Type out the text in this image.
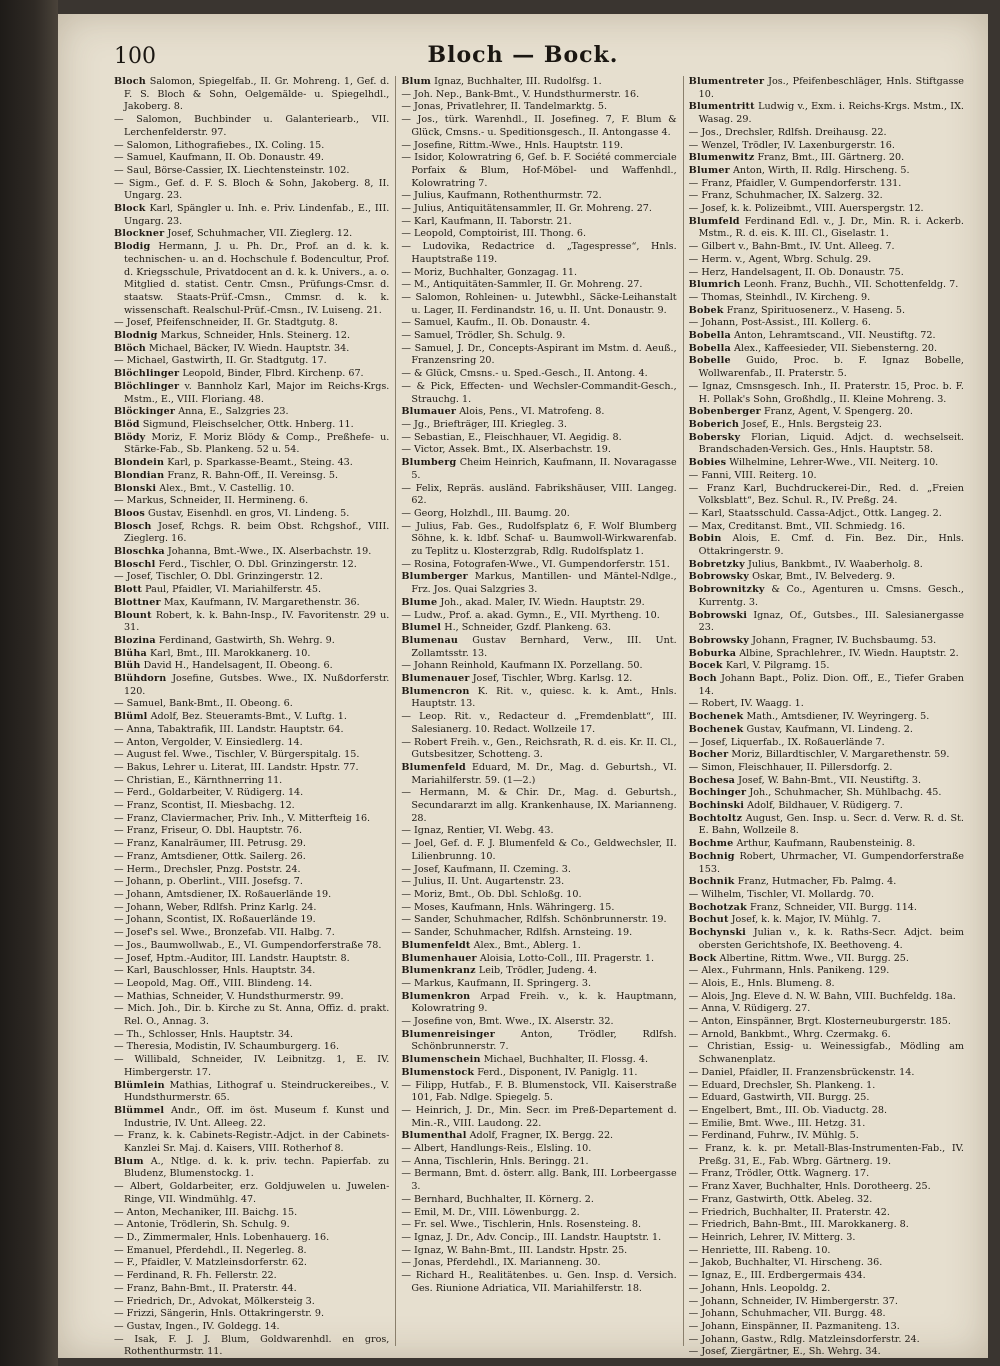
100	Bloch — Bock.

Bloch Salomon, Spiegelfab., II. Gr. Mohreng. 1, Gef. d. F. S. Bloch & Sohn, Oelgemälde- u. Spiegelhdl., Jakoberg. 8.

— Salomon, Buchbinder u. Galanteriearb., VII. Lerchenfelderstr. 97.

— Salomon, Lithografiebes., IX. Coling. 15.

— Samuel, Kaufmann, II. Ob. Donaustr. 49.

— Saul, Börse-Cassier, IX. Liechtensteinstr. 102.

— Sigm., Gef. d. F. S. Bloch & Sohn, Jakoberg. 8, II. Ungarg. 23.

Block Karl, Spängler u. Inh. e. Priv. Lindenfab., E., III. Ungarg. 23.

Blockner Josef, Schuhmacher, VII. Zieglerg. 12.

Blodig Hermann, J. u. Ph. Dr., Prof. an d. k. k. technischen- u. an d. Hochschule f. Bodencultur, Prof. d. Kriegsschule, Privatdocent an d. k. k. Univers., a. o. Mitglied d. statist. Centr. Cmsn., Prüfungs-Cmsr. d. staatsw. Staats-Prüf.-Cmsn., Cmmsr. d. k. k. wissenschaft. Realschul-Prüf.-Cmsn., IV. Luiseng. 21.

— Josef, Pfeifenschneider, II. Gr. Stadtgutg. 8.

Blodnig Markus, Schneider, Hnls. Steinerg. 12.

Blöch Michael, Bäcker, IV. Wiedn. Hauptstr. 34.

— Michael, Gastwirth, II. Gr. Stadtgutg. 17.

Blöchlinger Leopold, Binder, Flbrd. Kirchenp. 67.

Blöchlinger v. Bannholz Karl, Major im Reichs-Krgs. Mstm., E., VIII. Floriang. 48.

Blöckinger Anna, E., Salzgries 23.

Blöd Sigmund, Fleischselcher, Ottk. Hnberg. 11.

Blödy Moriz, F. Moriz Blödy & Comp., Preßhefe- u. Stärke-Fab., Sb. Plankeng. 52 u. 54.

Blondein Karl, p. Sparkasse-Beamt., Steing. 43.

Blondian Franz, R. Bahn-Off., II. Vereinsg. 5.

Blonski Alex., Bmt., V. Castellig. 10.

— Markus, Schneider, II. Hermineng. 6.

Bloos Gustav, Eisenhdl. en gros, VI. Lindeng. 5.

Blosch Josef, Rchgs. R. beim Obst. Rchgshof., VIII. Zieglerg. 16.

Bloschka Johanna, Bmt.-Wwe., IX. Alserbachstr. 19.

Bloschl Ferd., Tischler, O. Dbl. Grinzingerstr. 12.

— Josef, Tischler, O. Dbl. Grinzingerstr. 12.

Blott Paul, Pfaidler, VI. Mariahilferstr. 45.

Blottner Max, Kaufmann, IV. Margarethenstr. 36.

Blount Robert, k. k. Bahn-Insp., IV. Favoritenstr. 29 u. 31.

Blozina Ferdinand, Gastwirth, Sh. Wehrg. 9.

Blüha Karl, Bmt., III. Marokkanerg. 10.

Blüh David H., Handelsagent, II. Obeong. 6.

Blühdorn Josefine, Gutsbes. Wwe., IX. Nußdorferstr. 120.

— Samuel, Bank-Bmt., II. Obeong. 6.

Blüml Adolf, Bez. Steueramts-Bmt., V. Luftg. 1.

— Anna, Tabaktrafik, III. Landstr. Hauptstr. 64.

— Anton, Vergolder, V. Einsiedlerg. 14.

— August fel. Wwe., Tischler, V. Bürgerspitalg. 15.

— Bakus, Lehrer u. Literat, III. Landstr. Hpstr. 77.

— Christian, E., Kärnthnerring 11.

— Ferd., Goldarbeiter, V. Rüdigerg. 14.

— Franz, Scontist, II. Miesbachg. 12.

— Franz, Claviermacher, Priv. Inh., V. Mitterfteig 16.

— Franz, Friseur, O. Dbl. Hauptstr. 76.

— Franz, Kanalräumer, III. Petrusg. 29.

— Franz, Amtsdiener, Ottk. Sailerg. 26.

— Herm., Drechsler, Pnzg. Poststr. 24.

— Johann, p. Oberlint., VIII. Josefsg. 7.

— Johann, Amtsdiener, IX. Roßauerlände 19.

— Johann, Weber, Rdlfsh. Prinz Karlg. 24.

— Johann, Scontist, IX. Roßauerlände 19.

— Josef's sel. Wwe., Bronzefab. VII. Halbg. 7.

— Jos., Baumwollwab., E., VI. Gumpendorferstraße 78.

— Josef, Hptm.-Auditor, III. Landstr. Hauptstr. 8.

— Karl, Bauschlosser, Hnls. Hauptstr. 34.

— Leopold, Mag. Off., VIII. Blindeng. 14.

— Mathias, Schneider, V. Hundsthurmerstr. 99.

— Mich. Joh., Dir. b. Kirche zu St. Anna, Offiz. d. prakt. Rel. O., Annag. 3.

— Th., Schlosser, Hnls. Hauptstr. 34.

— Theresia, Modistin, IV. Schaumburgerg. 16.

— Willibald, Schneider, IV. Leibnitzg. 1, E. IV. Himbergerstr. 17.

Blümlein Mathias, Lithograf u. Steindruckereibes., V. Hundsthurmerstr. 65.

Blümmel Andr., Off. im öst. Museum f. Kunst und Industrie, IV. Unt. Alleeg. 22.

— Franz, k. k. Cabinets-Registr.-Adjct. in der Cabinets-Kanzlei Sr. Maj. d. Kaisers, VIII. Rotherhof 8.

Blum A., Ntlge. d. k. k. priv. techn. Papierfab. zu Bludenz, Blumenstockg. 1.

— Albert, Goldarbeiter, erz. Goldjuwelen u. Juwelen-Ringe, VII. Windmühlg. 47.

— Anton, Mechaniker, III. Baichg. 15.

— Antonie, Trödlerin, Sh. Schulg. 9.

— D., Zimmermaler, Hnls. Lobenhauerg. 16.

— Emanuel, Pferdehdl., II. Negerleg. 8.

— F., Pfaidler, V. Matzleinsdorferstr. 62.

— Ferdinand, R. Fh. Fellerstr. 22.

— Franz, Bahn-Bmt., II. Praterstr. 44.

— Friedrich, Dr., Advokat, Mölkersteig 3.

— Frizzi, Sängerin, Hnls. Ottakringerstr. 9.

— Gustav, Ingen., IV. Goldegg. 14.

— Isak, F. J. J. Blum, Goldwarenhdl. en gros, Rothenthurmstr. 11.

Blum Ignaz, Buchhalter, III. Rudolfsg. 1.

— Joh. Nep., Bank-Bmt., V. Hundsthurmerstr. 16.

— Jonas, Privatlehrer, II. Tandelmarktg. 5.

— Jos., türk. Warenhdl., II. Josefineg. 7, F. Blum & Glück, Cmsns.- u. Speditionsgesch., II. Antongasse 4.

— Josefine, Rittm.-Wwe., Hnls. Hauptstr. 119.

— Isidor, Kolowratring 6, Gef. b. F. Société commerciale Porfaix & Blum, Hof-Möbel- und Waffenhdl., Kolowratring 7.

— Julius, Kaufmann, Rothenthurmstr. 72.

— Julius, Antiquitätensammler, II. Gr. Mohreng. 27.

— Karl, Kaufmann, II. Taborstr. 21.

— Leopold, Comptoirist, III. Thong. 6.

— Ludovika, Redactrice d. „Tagespresse“, Hnls. Hauptstraße 119.

— Moriz, Buchhalter, Gonzagag. 11.

— M., Antiquitäten-Sammler, II. Gr. Mohreng. 27.

— Salomon, Rohleinen- u. Jutewbhl., Säcke-Leihanstalt u. Lager, II. Ferdinandstr. 16, u. II. Unt. Donaustr. 9.

— Samuel, Kaufm., II. Ob. Donaustr. 4.

— Samuel, Trödler, Sh. Schulg. 9.

— Samuel, J. Dr., Concepts-Aspirant im Mstm. d. Aeuß., Franzensring 20.

— & Glück, Cmsns.- u. Sped.-Gesch., II. Antong. 4.

— & Pick, Effecten- und Wechsler-Commandit-Gesch., Strauchg. 1.

Blumauer Alois, Pens., VI. Matrofeng. 8.

— Jg., Briefträger, III. Kriegleg. 3.

— Sebastian, E., Fleischhauer, VI. Aegidig. 8.

— Victor, Assek. Bmt., IX. Alserbachstr. 19.

Blumberg Cheim Heinrich, Kaufmann, II. Novaragasse 5.

— Felix, Repräs. ausländ. Fabrikshäuser, VIII. Langeg. 62.

— Georg, Holzhdl., III. Baumg. 20.

— Julius, Fab. Ges., Rudolfsplatz 6, F. Wolf Blumberg Söhne, k. k. ldbf. Schaf- u. Baumwoll-Wirkwarenfab. zu Teplitz u. Klosterzgrab, Rdlg. Rudolfsplatz 1.

— Rosina, Fotografen-Wwe., VI. Gumpendorferstr. 151.

Blumberger Markus, Mantillen- und Mäntel-Ndlge., Frz. Jos. Quai Salzgries 3.

Blume Joh., akad. Maler, IV. Wiedn. Hauptstr. 29.

— Ludw., Prof. a. akad. Gymn., E., VII. Myrtheng. 10.

Blumel H., Schneider, Gzdf. Plankeng. 63.

Blumenau Gustav Bernhard, Verw., III. Unt. Zollamtsstr. 13.

— Johann Reinhold, Kaufmann IX. Porzellang. 50.

Blumenauer Josef, Tischler, Wbrg. Karlsg. 12.

Blumencron K. Rit. v., quiesc. k. k. Amt., Hnls. Hauptstr. 13.

— Leop. Rit. v., Redacteur d. „Fremdenblatt“, III. Salesianerg. 10. Redact. Wollzeile 17.

— Robert Freih. v., Gen., Reichsrath, R. d. eis. Kr. II. Cl., Gutsbesitzer, Schotteng. 3.

Blumenfeld Eduard, M. Dr., Mag. d. Geburtsh., VI. Mariahilferstr. 59. (1—2.)

— Hermann, M. & Chir. Dr., Mag. d. Geburtsh., Secundararzt im allg. Krankenhause, IX. Marianneng. 28.

— Ignaz, Rentier, VI. Webg. 43.

— Joel, Gef. d. F. J. Blumenfeld & Co., Geldwechsler, II. Lilienbrunng. 10.

— Josef, Kaufmann, II. Czeming. 3.

— Julius, II. Unt. Augartenstr. 23.

— Moriz, Bmt., Ob. Dbl. Schloßg. 10.

— Moses, Kaufmann, Hnls. Währingerg. 15.

— Sander, Schuhmacher, Rdlfsh. Schönbrunnerstr. 19.

— Sander, Schuhmacher, Rdlfsh. Arnsteing. 19.

Blumenfeldt Alex., Bmt., Ablerg. 1.

Blumenhauer Aloisia, Lotto-Coll., III. Pragerstr. 1.

Blumenkranz Leib, Trödler, Judeng. 4.

— Markus, Kaufmann, II. Springerg. 3.

Blumenkron Arpad Freih. v., k. k. Hauptmann, Kolowratring 9.

— Josefine von, Bmt. Wwe., IX. Alserstr. 32.

Blumenreisinger	Anton, Trödler, Rdlfsh. Schönbrunnerstr. 7.

Blumenschein Michael, Buchhalter, II. Flossg. 4.

Blumenstock Ferd., Disponent, IV. Paniglg. 11.

— Filipp, Hutfab., F. B. Blumenstock, VII. Kaiserstraße 101, Fab. Ndlge. Spiegelg. 5.

— Heinrich, J. Dr., Min. Secr. im Preß-Departement d. Min.-R., VIII. Laudong. 22.

Blumenthal Adolf, Fragner, IX. Bergg. 22.

— Albert, Handlungs-Reis., Elsling. 10.

— Anna, Tischlerin, Hnls. Beringg. 21.

— Bermann, Bmt. d. österr. allg. Bank, III. Lorbeergasse 3.

— Bernhard, Buchhalter, II. Körnerg. 2.

— Emil, M. Dr., VIII. Löwenburgg. 2.

— Fr. sel. Wwe., Tischlerin, Hnls. Rosensteing. 8.

— Ignaz, J. Dr., Adv. Concip., III. Landstr. Hauptstr. 1.

— Ignaz, W. Bahn-Bmt., III. Landstr. Hpstr. 25.

— Jonas, Pferdehdl., IX. Marianneng. 30.

— Richard H., Realitätenbes. u. Gen. Insp. d. Versich. Ges. Riunione Adriatica, VII. Mariahilferstr. 18.

Blumentreter Jos., Pfeifenbeschläger, Hnls. Stiftgasse 10.

Blumentritt Ludwig v., Exm. i. Reichs-Krgs. Mstm., IX. Wasag. 29.

— Jos., Drechsler, Rdlfsh. Dreihausg. 22.

— Wenzel, Trödler, IV. Laxenburgerstr. 16.

Blumenwitz Franz, Bmt., III. Gärtnerg. 20.

Blumer Anton, Wirth, II. Rdlg. Hirscheng. 5.

— Franz, Pfaidler, V. Gumpendorferstr. 131.

— Franz, Schuhmacher, IX. Salzerg. 32.

— Josef, k. k. Polizeibmt., VIII. Auerspergstr. 12.

Blumfeld Ferdinand Edl. v., J. Dr., Min. R. i. Ackerb. Mstm., R. d. eis. K. III. Cl., Giselastr. 1.

— Gilbert v., Bahn-Bmt., IV. Unt. Alleeg. 7.

— Herm. v., Agent, Wbrg. Schulg. 29.

— Herz, Handelsagent, II. Ob. Donaustr. 75.

Blumrich Leonh. Franz, Buchh., VII. Schottenfeldg. 7.

— Thomas, Steinhdl., IV. Kircheng. 9.

Bobek Franz, Spirituosenerz., V. Haseng. 5.

— Johann, Post-Assist., III. Kollerg. 6.

Bobella Anton, Lehramtscand., VII. Neustiftg. 72.

Bobella Alex., Kaffeesieder, VII. Siebensterng. 20.

Bobelle Guido, Proc. b. F. Ignaz Bobelle, Wollwarenfab., II. Praterstr. 5.

— Ignaz, Cmsnsgesch. Inh., II. Praterstr. 15, Proc. b. F. H. Pollak's Sohn, Großhdlg., II. Kleine Mohreng. 3.

Bobenberger Franz, Agent, V. Spengerg. 20.

Boberich Josef, E., Hnls. Bergsteig 23.

Bobersky Florian, Liquid. Adjct. d. wechselseit. Brandschaden-Versich. Ges., Hnls. Hauptstr. 58.

Bobies Wilhelmine, Lehrer-Wwe., VII. Neiterg. 10.

— Fanni, VIII. Reiterg. 10.

— Franz Karl, Buchdruckerei-Dir., Red. d. „Freien Volksblatt“, Bez. Schul. R., IV. Preßg. 24.

— Karl, Staatsschuld. Cassa-Adjct., Ottk. Langeg. 2.

— Max, Creditanst. Bmt., VII. Schmiedg. 16.

Bobin Alois, E. Cmf. d. Fin. Bez. Dir., Hnls. Ottakringerstr. 9.

Bobretzky Julius, Bankbmt., IV. Waaberholg. 8.

Bobrowsky Oskar, Bmt., IV. Belvederg. 9.

Bobrownitzky & Co., Agenturen u. Cmsns. Gesch., Kurrentg. 3.

Bobrowski Ignaz, Of., Gutsbes., III. Salesianergasse 23.

Bobrowsky Johann, Fragner, IV. Buchsbaumg. 53.

Boburka Albine, Sprachlehrer., IV. Wiedn. Hauptstr. 2.

Bocek Karl, V. Pilgramg. 15.

Boch Johann Bapt., Poliz. Dion. Off., E., Tiefer Graben 14.

— Robert, IV. Waagg. 1.

Bochenek Math., Amtsdiener, IV. Weyringerg. 5.

Bochenek Gustav, Kaufmann, VI. Lindeng. 2.

— Josef, Liquerfab., IX. Roßauerlände 7.

Bocher Moriz, Billardtischler, V. Margarethenstr. 59.

— Simon, Fleischhauer, II. Pillersdorfg. 2.

Bochesa Josef, W. Bahn-Bmt., VII. Neustiftg. 3.

Bochinger Joh., Schuhmacher, Sh. Mühlbachg. 45.

Bochinski Adolf, Bildhauer, V. Rüdigerg. 7.

Bochtoltz August, Gen. Insp. u. Secr. d. Verw. R. d. St. E. Bahn, Wollzeile 8.

Bochme Arthur, Kaufmann, Raubensteinig. 8.

Bochnig Robert, Uhrmacher, VI. Gumpendorferstraße 153.

Bochnik Franz, Hutmacher, Fb. Palmg. 4.

— Wilhelm, Tischler, VI. Mollardg. 70.

Bochotzak Franz, Schneider, VII. Burgg. 114.

Bochut Josef, k. k. Major, IV. Mühlg. 7.

Bochynski Julian v., k. k. Raths-Secr. Adjct. beim obersten Gerichtshofe, IX. Beethoveng. 4.

Bock Albertine, Rittm. Wwe., VII. Burgg. 25.

— Alex., Fuhrmann, Hnls. Panikeng. 129.

— Alois, E., Hnls. Blumeng. 8.

— Alois, Jng. Eleve d. N. W. Bahn, VIII. Buchfeldg. 18a.

— Anna, V. Rüdigerg. 27.

— Anton, Einspänner, Brgt. Klosterneuburgerstr. 185.

— Arnold, Bankbmt., Whrg. Czermakg. 6.

— Christian, Essig- u. Weinessigfab., Mödling am Schwanenplatz.

— Daniel, Pfaidler, II. Franzensbrückenstr. 14.

— Eduard, Drechsler, Sh. Plankeng. 1.

— Eduard, Gastwirth, VII. Burgg. 25.

— Engelbert, Bmt., III. Ob. Viaductg. 28.

— Emilie, Bmt. Wwe., III. Hetzg. 31.

— Ferdinand, Fuhrw., IV. Mühlg. 5.

— Franz, k. k. pr. Metall-Blas-Instrumenten-Fab., IV. Preßg. 31, E., Fab. Wbrg. Gärtnerg. 19.

— Franz, Trödler, Ottk. Wagnerg. 17.

— Franz Xaver, Buchhalter, Hnls. Dorotheerg. 25.

— Franz, Gastwirth, Ottk. Abeleg. 32.

— Friedrich, Buchhalter, II. Praterstr. 42.

— Friedrich, Bahn-Bmt., III. Marokkanerg. 8.

— Heinrich, Lehrer, IV. Mitterg. 3.

— Henriette, III. Rabeng. 10.

— Jakob, Buchhalter, VI. Hirscheng. 36.

— Ignaz, E., III. Erdbergermais 434.

— Johann, Hnls. Leopoldg. 2.

— Johann, Schneider, IV. Himbergerstr. 37.

— Johann, Schuhmacher, VII. Burgg. 48.

— Johann, Einspänner, II. Pazmaniteng. 13.

— Johann, Gastw., Rdlg. Matzleinsdorferstr. 24.

— Josef, Ziergärtner, E., Sh. Wehrg. 34.
